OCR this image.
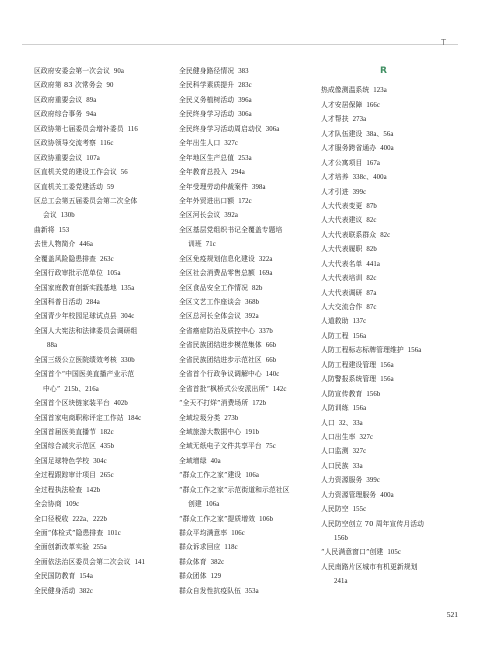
T
区政府安委会第一次会议 90a
区政府第 83 次常务会 90
区政府重要会议 89a
区政府综合事务 94a
区政协第七届委员会增补委员 116
区政协领导交流考察 116c
区政协重要会议 107a
区直机关党的建设工作会议 56
区直机关工委党建活动 59
区总工会第五届委员会第二次全体
会议 130b
曲新将 153
去世人物简介 446a
全覆盖风险隐患排查 263c
全国行政审批示范单位 105a
全国家庭教育创新实践基地 135a
全国科普日活动 284a
全国青少年校园足球试点县 304c
全国人大宪法和法律委员会调研组
88a
全国三级公立医院绩效考核 330b
全国首个“中国医美直播产业示范
中心” 215b、216a
全国首个区块链家装平台 402b
全国首家电商职称评定工作站 184c
全国首届医美直播节 182c
全国综合减灾示范区 435b
全国足球特色学校 304c
全过程跟踪审计项目 265c
全过程执法检查 142b
全会协商 109c
全口径税收 222a、222b
全面“体检式”隐患排查 101c
全面创新改革实验 255a
全面依法治区委员会第二次会议 141
全民国防教育 154a
全民健身活动 382c
全民健身路径情况 383
全民科学素质提升 283c
全民义务植树活动 396a
全民终身学习活动 306a
全民终身学习活动周启动仪 306a
全年出生人口 327c
全年地区生产总值 253a
全年教育总投入 294a
全年受理劳动仲裁案件 398a
全年外贸进出口额 172c
全区河长会议 392a
全区基层党组织书记全覆盖专题培
训班 71c
全区免疫规划信息化建设 322a
全区社会消费品零售总额 169a
全区食品安全工作情况 82b
全区文艺工作座谈会 368b
全区总河长全体会议 392a
全省癌症防治及质控中心 337b
全省民族团结进步模范集体 66b
全省民族团结进步示范社区 66b
全省首个行政争议调解中心 140c
全省首批“枫桥式公安派出所” 142c
“全天不打烊”消费场所 172b
全域垃圾分类 273b
全域旅游大数据中心 191b
全域无纸电子文件共享平台 75c
全域增绿 40a
“群众工作之家”建设 106a
“群众工作之家”示范街道和示范社区
创建 106a
“群众工作之家”提质增效 106b
群众平均满意率 106c
群众诉求回应 118c
群众体育 382c
群众团体 129
群众自发性抗疫队伍 353a
R
热成像测温系统 123a
人才安居保障 166c
人才帮扶 273a
人才队伍建设 38a、56a
人才服务跨省通办 400a
人才公寓项目 167a
人才培养 338c、400a
人才引进 399c
人大代表变更 87b
人大代表建议 82c
人大代表联系群众 82c
人大代表履职 82b
人大代表名单 441a
人大代表培训 82c
人大代表调研 87a
人大交流合作 87c
人道救助 137c
人防工程 156a
人防工程标志标牌管理维护 156a
人防工程建设管理 156a
人防警报系统管理 156a
人防宣传教育 156b
人防训练 156a
人口 32、33a
人口出生率 327c
人口监测 327c
人口民族 33a
人力资源服务 399c
人力资源管理服务 400a
人民防空 155c
人民防空创立 70 周年宣传月活动
156b
“人民满意窗口”创建 105c
人民南路片区城市有机更新规划
241a
521
